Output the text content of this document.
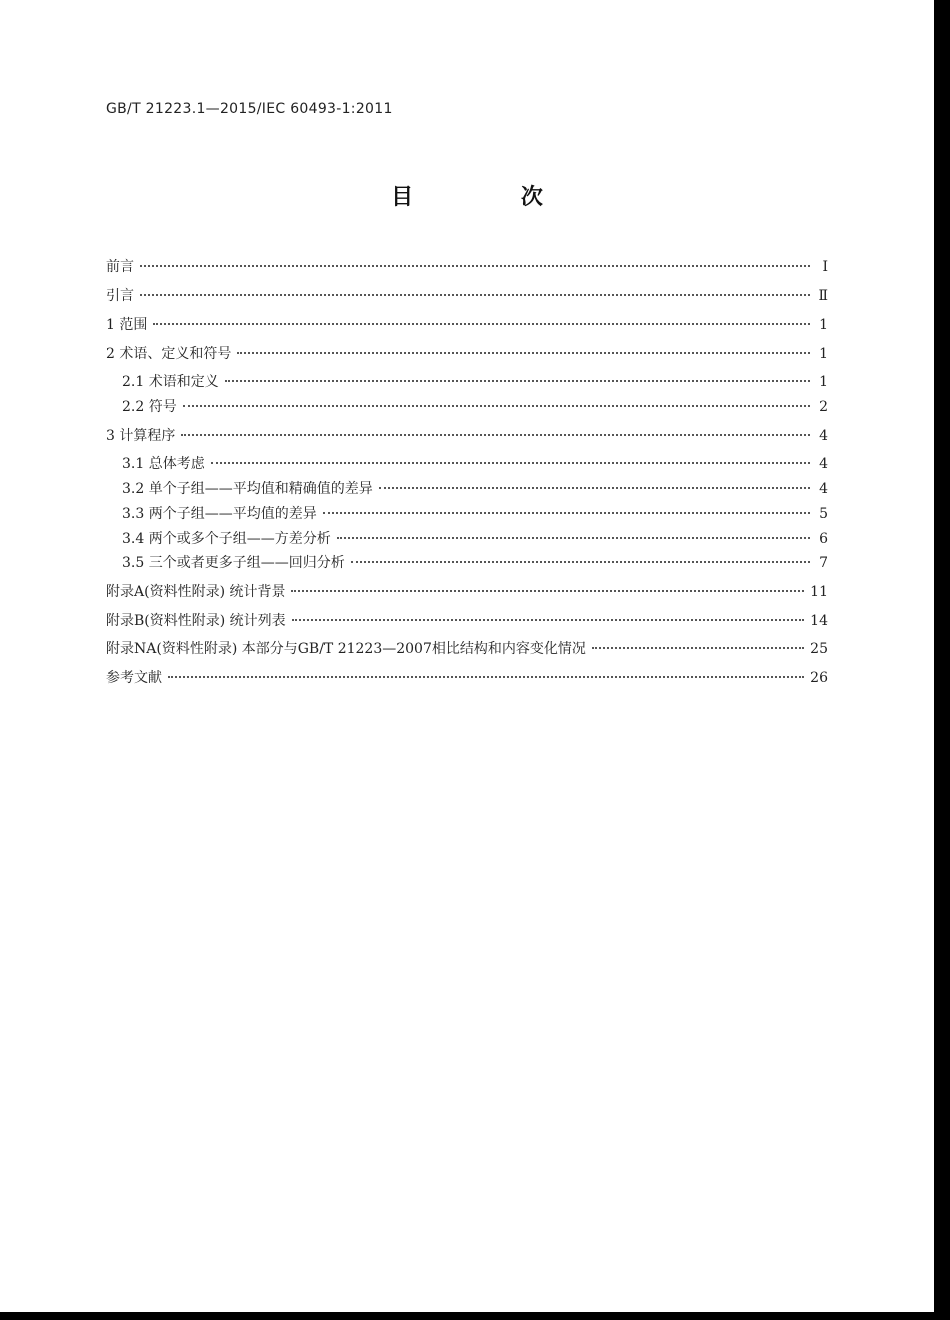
GB/T 21223.1—2015/IEC 60493-1:2011
目 次
前言	Ⅰ
引言	Ⅱ
1 范围	1
2 术语、定义和符号	1
2.1 术语和定义	1
2.2 符号	2
3 计算程序	4
3.1 总体考虑	4
3.2 单个子组——平均值和精确值的差异	4
3.3 两个子组——平均值的差异	5
3.4 两个或多个子组——方差分析	6
3.5 三个或者更多子组——回归分析	7
附录A(资料性附录) 统计背景	11
附录B(资料性附录) 统计列表	14
附录NA(资料性附录) 本部分与GB/T 21223—2007相比结构和内容变化情况	25
参考文献	26
